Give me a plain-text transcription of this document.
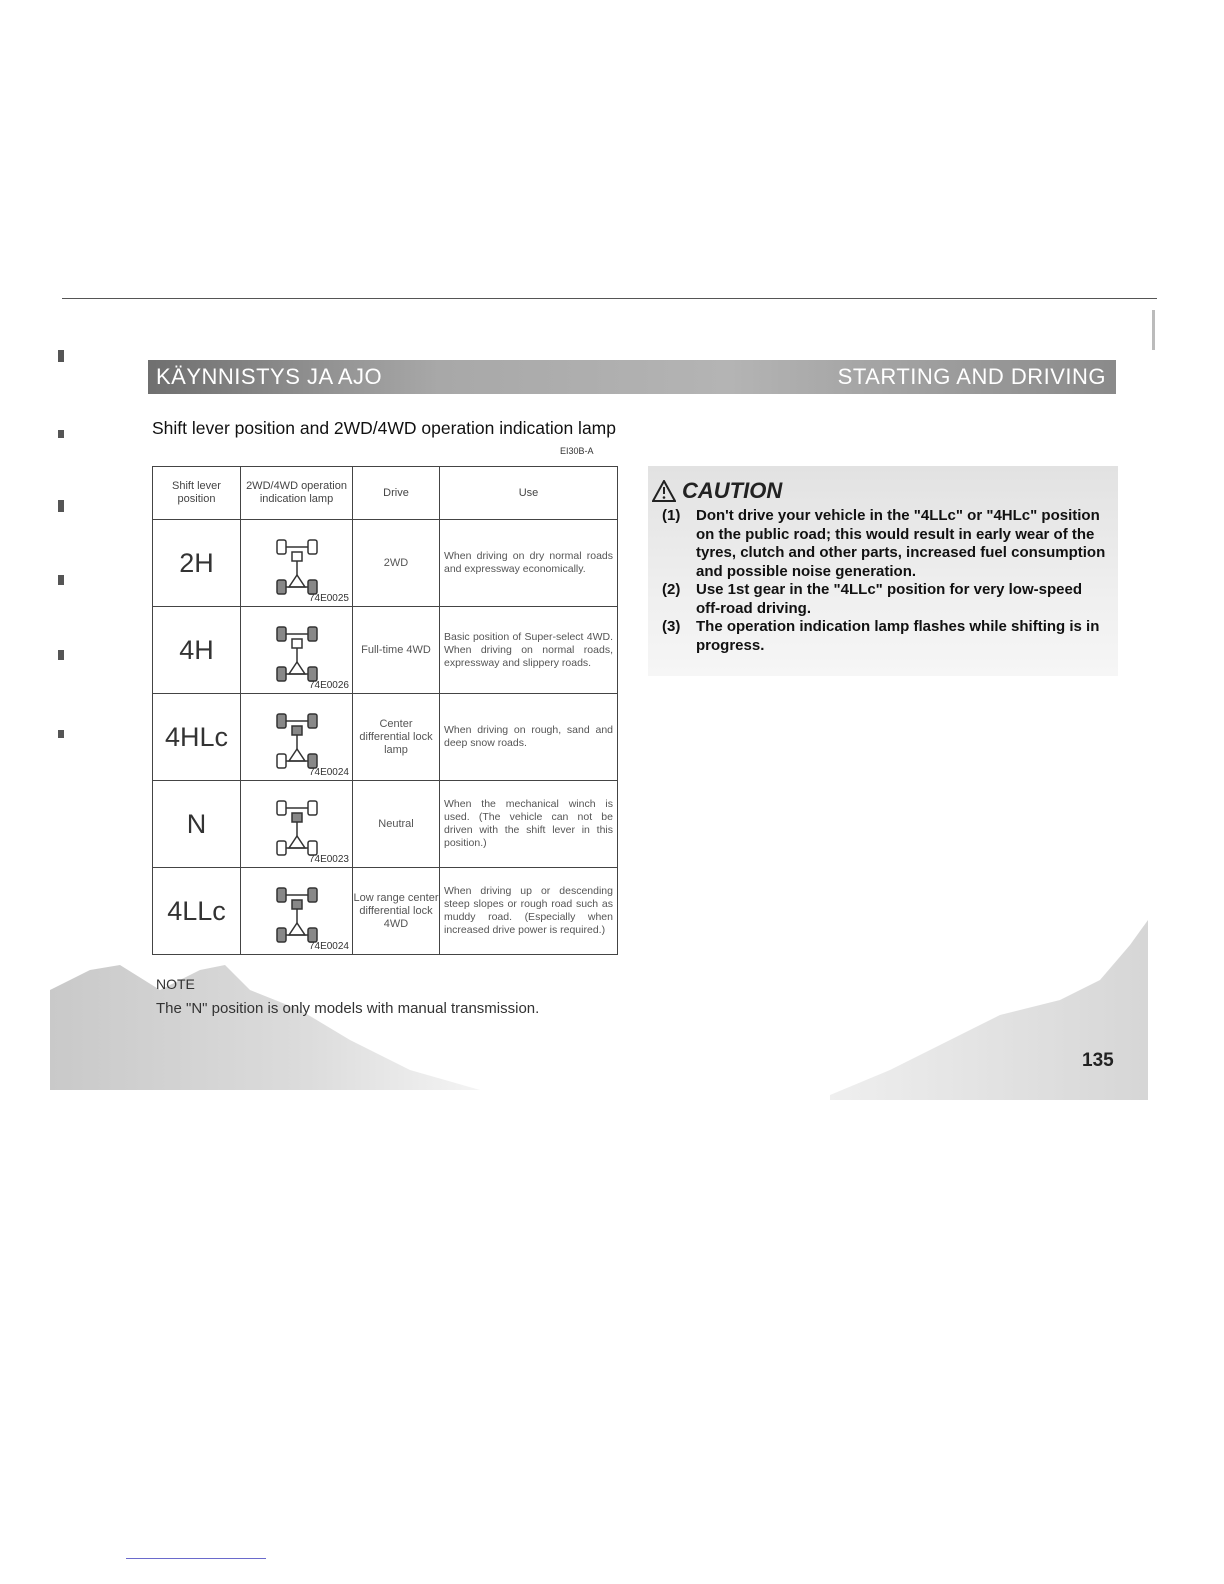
KÄYNNISTYS JA AJO	STARTING AND DRIVING
Shift lever position and 2WD/4WD operation indication lamp
EI30B-A
Shift lever position	2WD/4WD operation indication lamp	Drive	Use
2H	74E0025	2WD	When driving on dry normal roads and expressway economically.
4H	74E0026	Full-time 4WD	Basic position of Super-select 4WD. When driving on normal roads, expressway and slippery roads.
4HLc	74E0024	Center differential lock lamp	When driving on rough, sand and deep snow roads.
N	74E0023	Neutral	When the mechanical winch is used. (The vehicle can not be driven with the shift lever in this position.)
4LLc	74E0024	Low range center differential lock 4WD	When driving up or descending steep slopes or rough road such as muddy road. (Especially when increased drive power is required.)
NOTE
The "N" position is only models with manual transmission.
CAUTION
(1) Don't drive your vehicle in the "4LLc" or "4HLc" position on the public road; this would result in early wear of the tyres, clutch and other parts, increased fuel consumption and possible noise generation.
(2) Use 1st gear in the "4LLc" position for very low-speed off-road driving.
(3) The operation indication lamp flashes while shifting is in progress.
135
